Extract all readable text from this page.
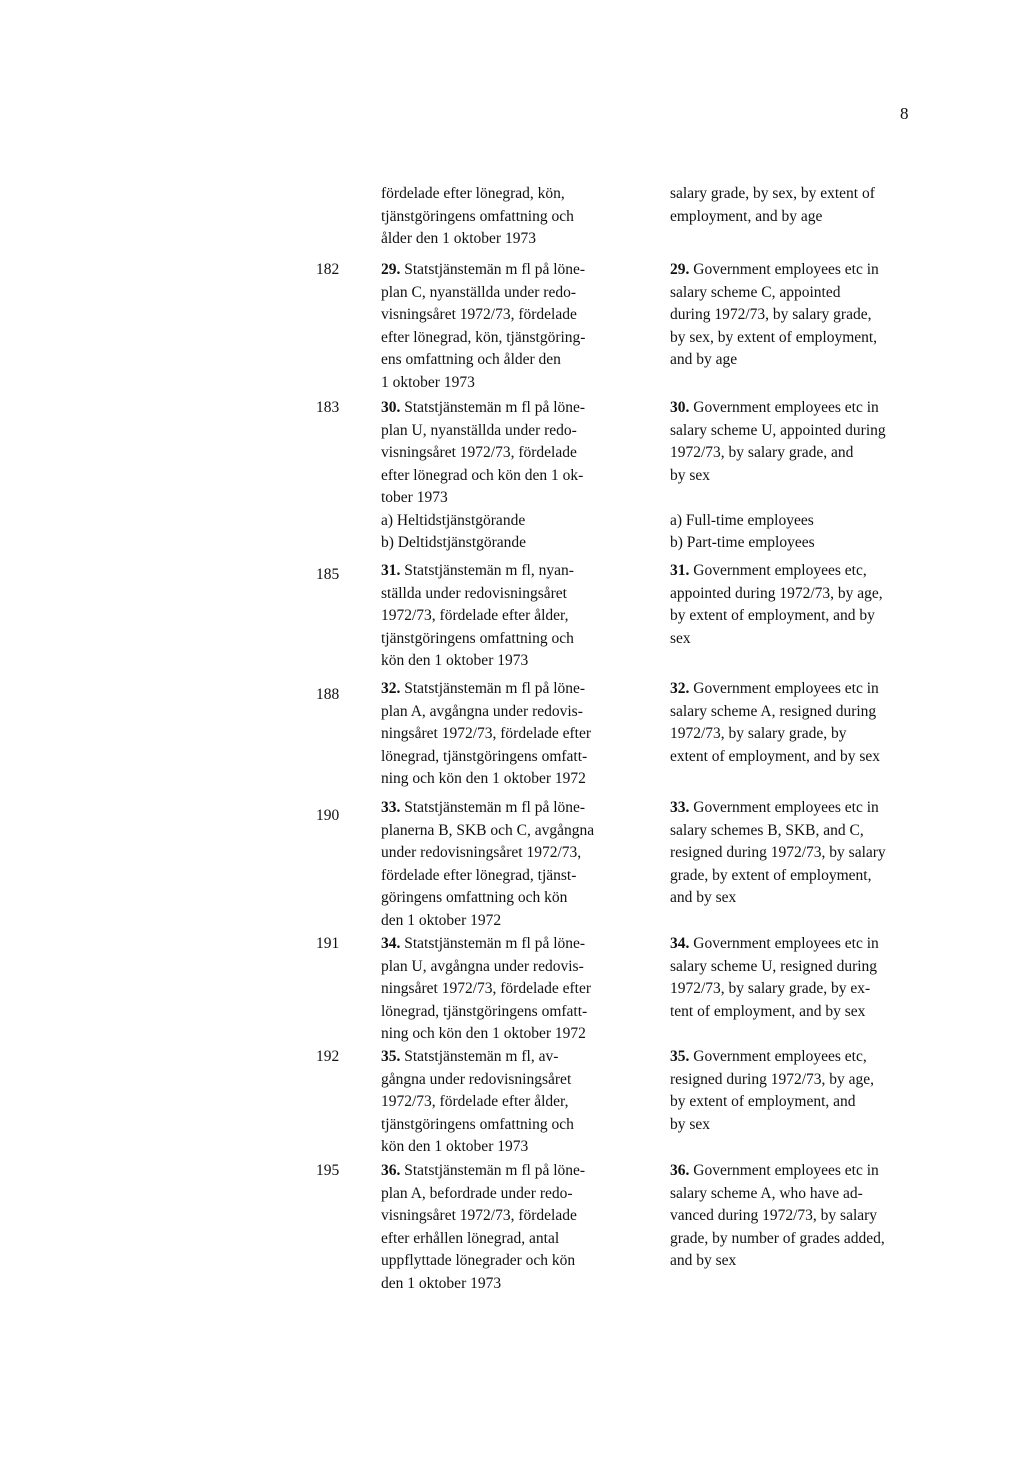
8
fördelade efter lönegrad, kön,
tjänstgöringens omfattning och
ålder den 1 oktober 1973
salary grade, by sex, by extent of
employment, and by age
182	29. Statstjänstemän m fl på löne-
plan C, nyanställda under redo-
visningsåret 1972/73, fördelade
efter lönegrad, kön, tjänstgöring-
ens omfattning och ålder den
1 oktober 1973
29. Government employees etc in
salary scheme C, appointed
during 1972/73, by salary grade,
by sex, by extent of employment,
and by age
183	30. Statstjänstemän m fl på löne-
plan U, nyanställda under redo-
visningsåret 1972/73, fördelade
efter lönegrad och kön den 1 ok-
tober 1973
a) Heltidstjänstgörande
b) Deltidstjänstgörande
30. Government employees etc in
salary scheme U, appointed during
1972/73, by salary grade, and
by sex

a) Full-time employees
b) Part-time employees
185	31. Statstjänstemän m fl, nyan-
ställda under redovisningsåret
1972/73, fördelade efter ålder,
tjänstgöringens omfattning och
kön den 1 oktober 1973
31. Government employees etc,
appointed during 1972/73, by age,
by extent of employment, and by
sex
188	32. Statstjänstemän m fl på löne-
plan A, avgångna under redovis-
ningsåret 1972/73, fördelade efter
lönegrad, tjänstgöringens omfatt-
ning och kön den 1 oktober 1972
32. Government employees etc in
salary scheme A, resigned during
1972/73, by salary grade, by
extent of employment, and by sex
190	33. Statstjänstemän m fl på löne-
planerna B, SKB och C, avgångna
under redovisningsåret 1972/73,
fördelade efter lönegrad, tjänst-
göringens omfattning och kön
den 1 oktober 1972
33. Government employees etc in
salary schemes B, SKB, and C,
resigned during 1972/73, by salary
grade, by extent of employment,
and by sex
191	34. Statstjänstemän m fl på löne-
plan U, avgångna under redovis-
ningsåret 1972/73, fördelade efter
lönegrad, tjänstgöringens omfatt-
ning och kön den 1 oktober 1972
34. Government employees etc in
salary scheme U, resigned during
1972/73, by salary grade, by ex-
tent of employment, and by sex
192	35. Statstjänstemän m fl, av-
gångna under redovisningsåret
1972/73, fördelade efter ålder,
tjänstgöringens omfattning och
kön den 1 oktober 1973
35. Government employees etc,
resigned during 1972/73, by age,
by extent of employment, and
by sex
195	36. Statstjänstemän m fl på löne-
plan A, befordrade under redo-
visningsåret 1972/73, fördelade
efter erhållen lönegrad, antal
uppflyttade lönegrader och kön
den 1 oktober 1973
36. Government employees etc in
salary scheme A, who have ad-
vanced during 1972/73, by salary
grade, by number of grades added,
and by sex
